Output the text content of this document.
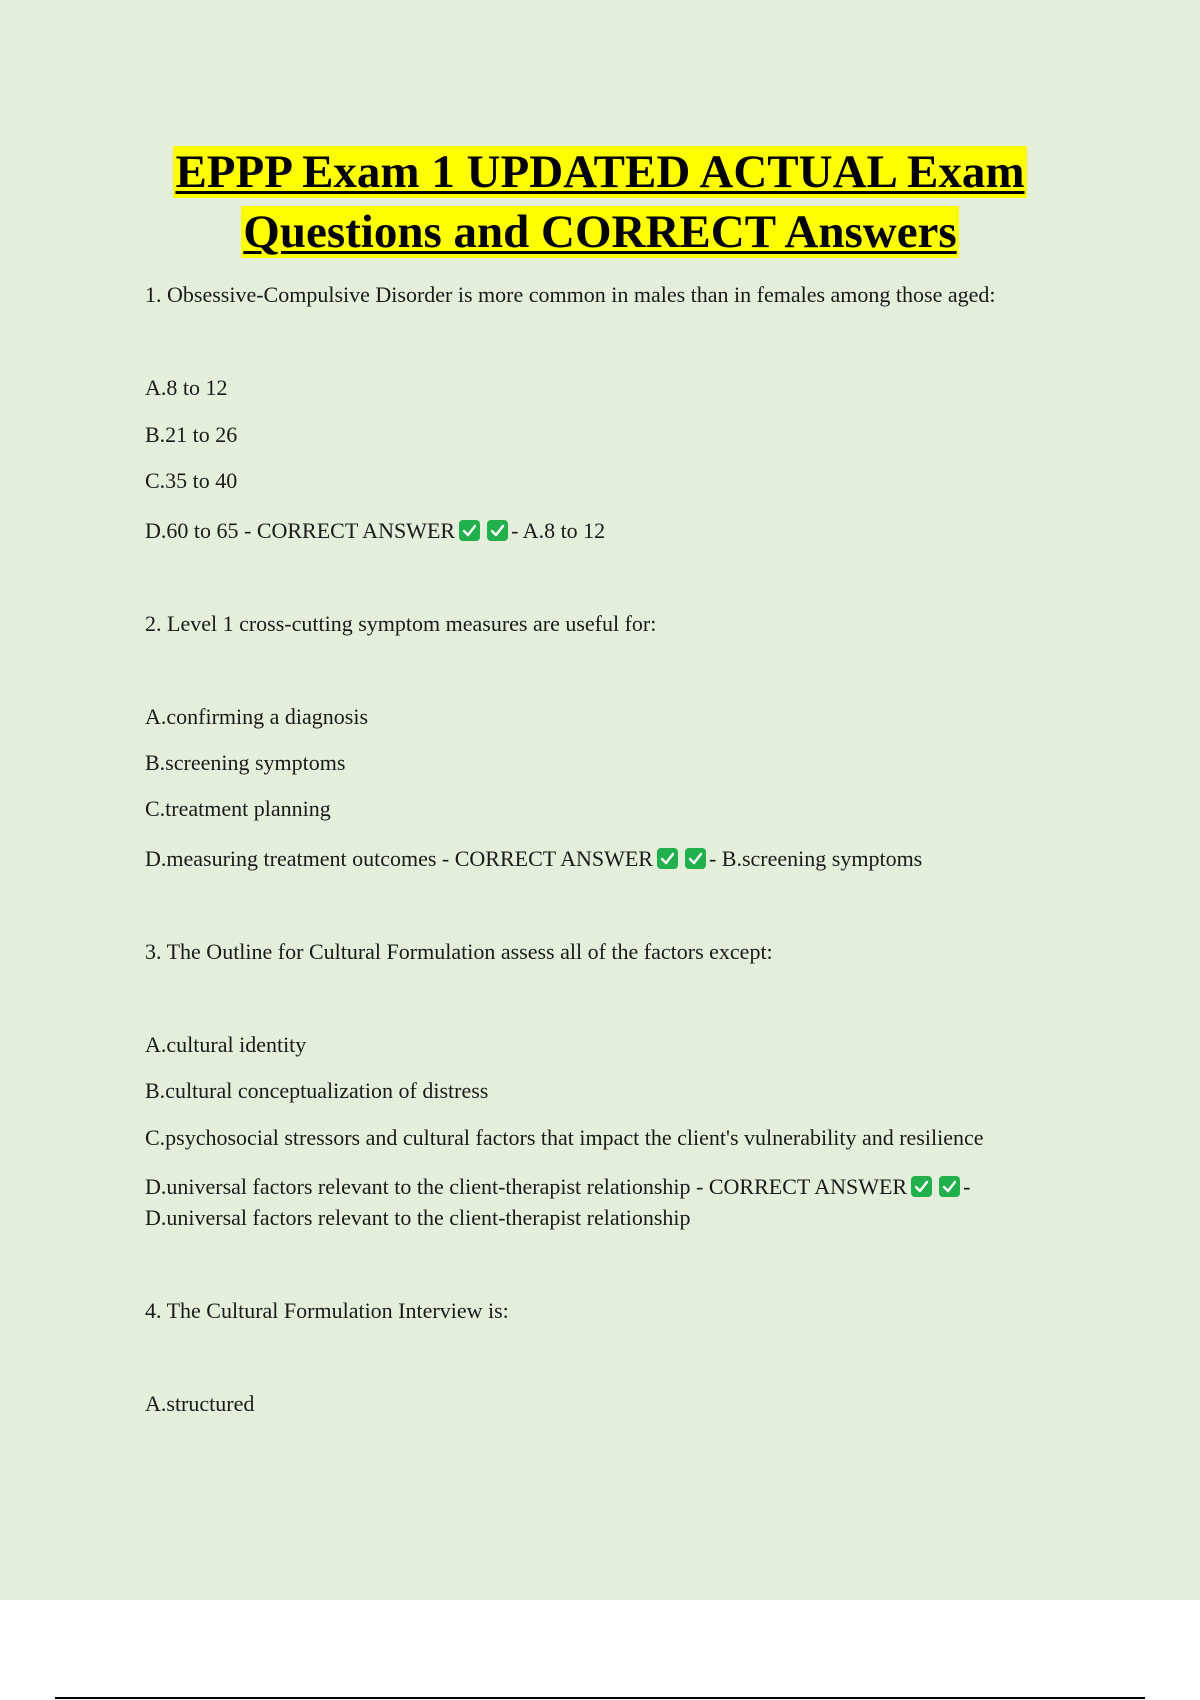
EPPP Exam 1 UPDATED ACTUAL Exam
Questions and CORRECT Answers
1. Obsessive-Compulsive Disorder is more common in males than in females among those aged:
A.8 to 12
B.21 to 26
C.35 to 40
D.60 to 65 - CORRECT ANSWER	- A.8 to 12
2. Level 1 cross-cutting symptom measures are useful for:
A.confirming a diagnosis
B.screening symptoms
C.treatment planning
D.measuring treatment outcomes - CORRECT ANSWER	- B.screening symptoms
3. The Outline for Cultural Formulation assess all of the factors except:
A.cultural identity
B.cultural conceptualization of distress
C.psychosocial stressors and cultural factors that impact the client's vulnerability and resilience
D.universal factors relevant to the client-therapist relationship - CORRECT ANSWER	- D.universal factors relevant to the client-therapist relationship
4. The Cultural Formulation Interview is:
A.structured
